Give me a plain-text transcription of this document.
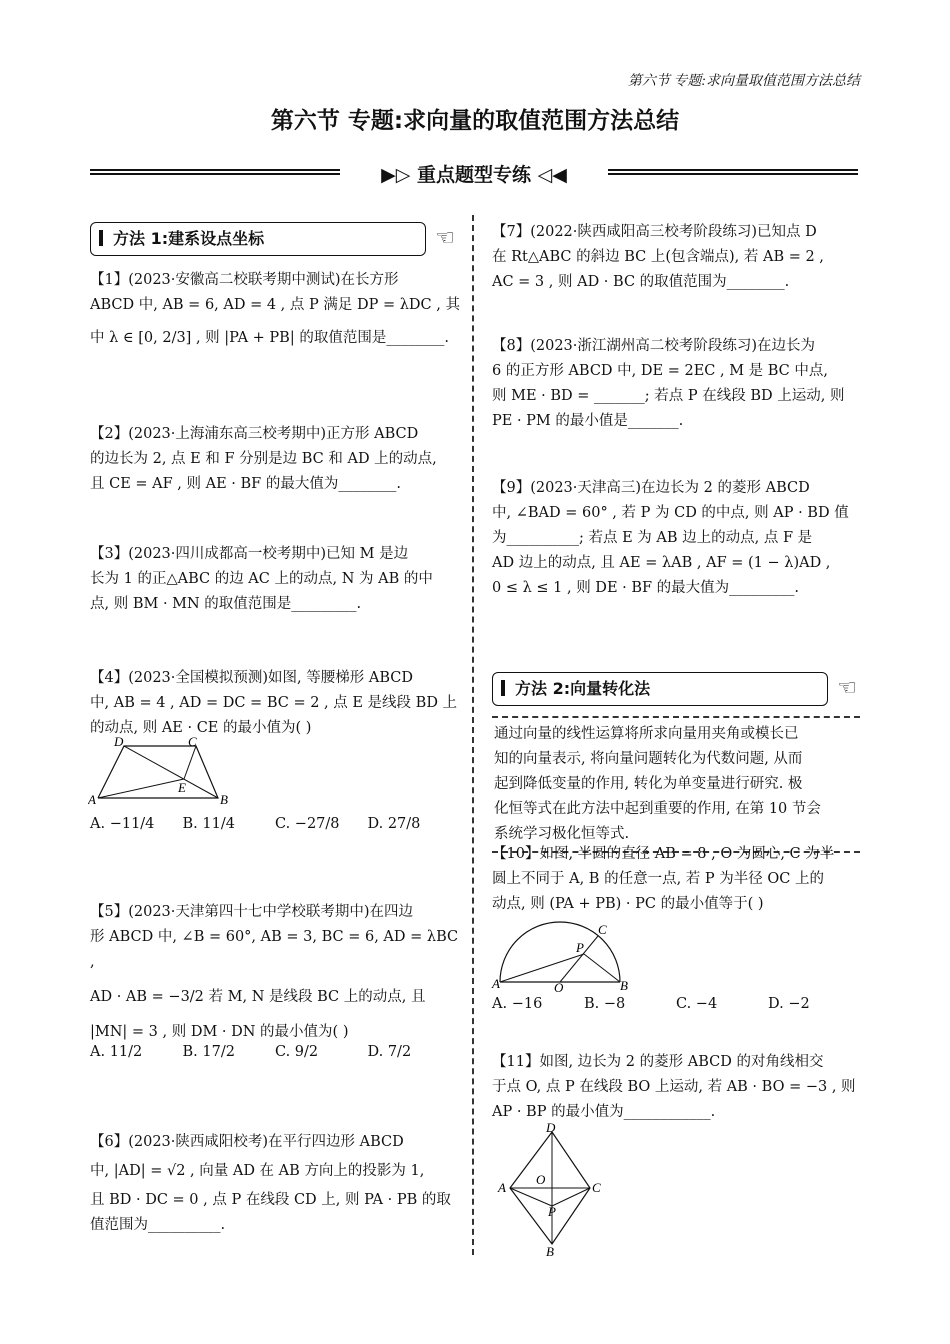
第六节 专题:求向量取值范围方法总结
第六节 专题:求向量的取值范围方法总结
▶▷ 重点题型专练 ◁◀
方法 1:建系设点坐标	☜
【1】(2023·安徽高二校联考期中测试)在长方形
ABCD 中, AB = 6, AD = 4 , 点 P 满足 DP = λDC , 其
中 λ ∈ [0, 2/3] , 则 |PA + PB| 的取值范围是________.
【2】(2023·上海浦东高三校考期中)正方形 ABCD
的边长为 2, 点 E 和 F 分别是边 BC 和 AD 上的动点,
且 CE = AF , 则 AE · BF 的最大值为________.
【3】(2023·四川成都高一校考期中)已知 M 是边
长为 1 的正△ABC 的边 AC 上的动点, N 为 AB 的中
点, 则 BM · MN 的取值范围是_________.
【4】(2023·全国模拟预测)如图, 等腰梯形 ABCD
中, AB = 4 , AD = DC = BC = 2 , 点 E 是线段 BD 上
的动点, 则 AE · CE 的最小值为( )
A
D	C
B
E
A. −11/4	B. 11/4	C. −27/8	D. 27/8
【5】(2023·天津第四十七中学校联考期中)在四边
形 ABCD 中, ∠B = 60°, AB = 3, BC = 6, AD = λBC ,
AD · AB = −3/2 若 M, N 是线段 BC 上的动点, 且
|MN| = 3 , 则 DM · DN 的最小值为( )
A. 11/2	B. 17/2	C. 9/2	D. 7/2
【6】(2023·陕西咸阳校考)在平行四边形 ABCD
中, |AD| = √2 , 向量 AD 在 AB 方向上的投影为 1,
且 BD · DC = 0 , 点 P 在线段 CD 上, 则 PA · PB 的取
值范围为__________.
【7】(2022·陕西咸阳高三校考阶段练习)已知点 D
在 Rt△ABC 的斜边 BC 上(包含端点), 若 AB = 2 ,
AC = 3 , 则 AD · BC 的取值范围为________.
【8】(2023·浙江湖州高二校考阶段练习)在边长为
6 的正方形 ABCD 中, DE = 2EC , M 是 BC 中点,
则 ME · BD = _______; 若点 P 在线段 BD 上运动, 则
PE · PM 的最小值是_______.
【9】(2023·天津高三)在边长为 2 的菱形 ABCD
中, ∠BAD = 60° , 若 P 为 CD 的中点, 则 AP · BD 值
为__________; 若点 E 为 AB 边上的动点, 点 F 是
AD 边上的动点, 且 AE = λAB , AF = (1 − λ)AD ,
0 ≤ λ ≤ 1 , 则 DE · BF 的最大值为_________.
方法 2:向量转化法	☜
通过向量的线性运算将所求向量用夹角或模长已
知的向量表示, 将向量问题转化为代数问题, 从而
起到降低变量的作用, 转化为单变量进行研究. 极
化恒等式在此方法中起到重要的作用, 在第 10 节会
系统学习极化恒等式.
【10】如图, 半圆的直径 AB = 8 , O 为圆心, C 为半
圆上不同于 A, B 的任意一点, 若 P 为半径 OC 上的
动点, 则 (PA + PB) · PC 的最小值等于( )
A	O
C
P
B
A. −16	B. −8	C. −4	D. −2
【11】如图, 边长为 2 的菱形 ABCD 的对角线相交
于点 O, 点 P 在线段 BO 上运动, 若 AB · BO = −3 , 则
AP · BP 的最小值为____________.
D
A
O
C
P
B
